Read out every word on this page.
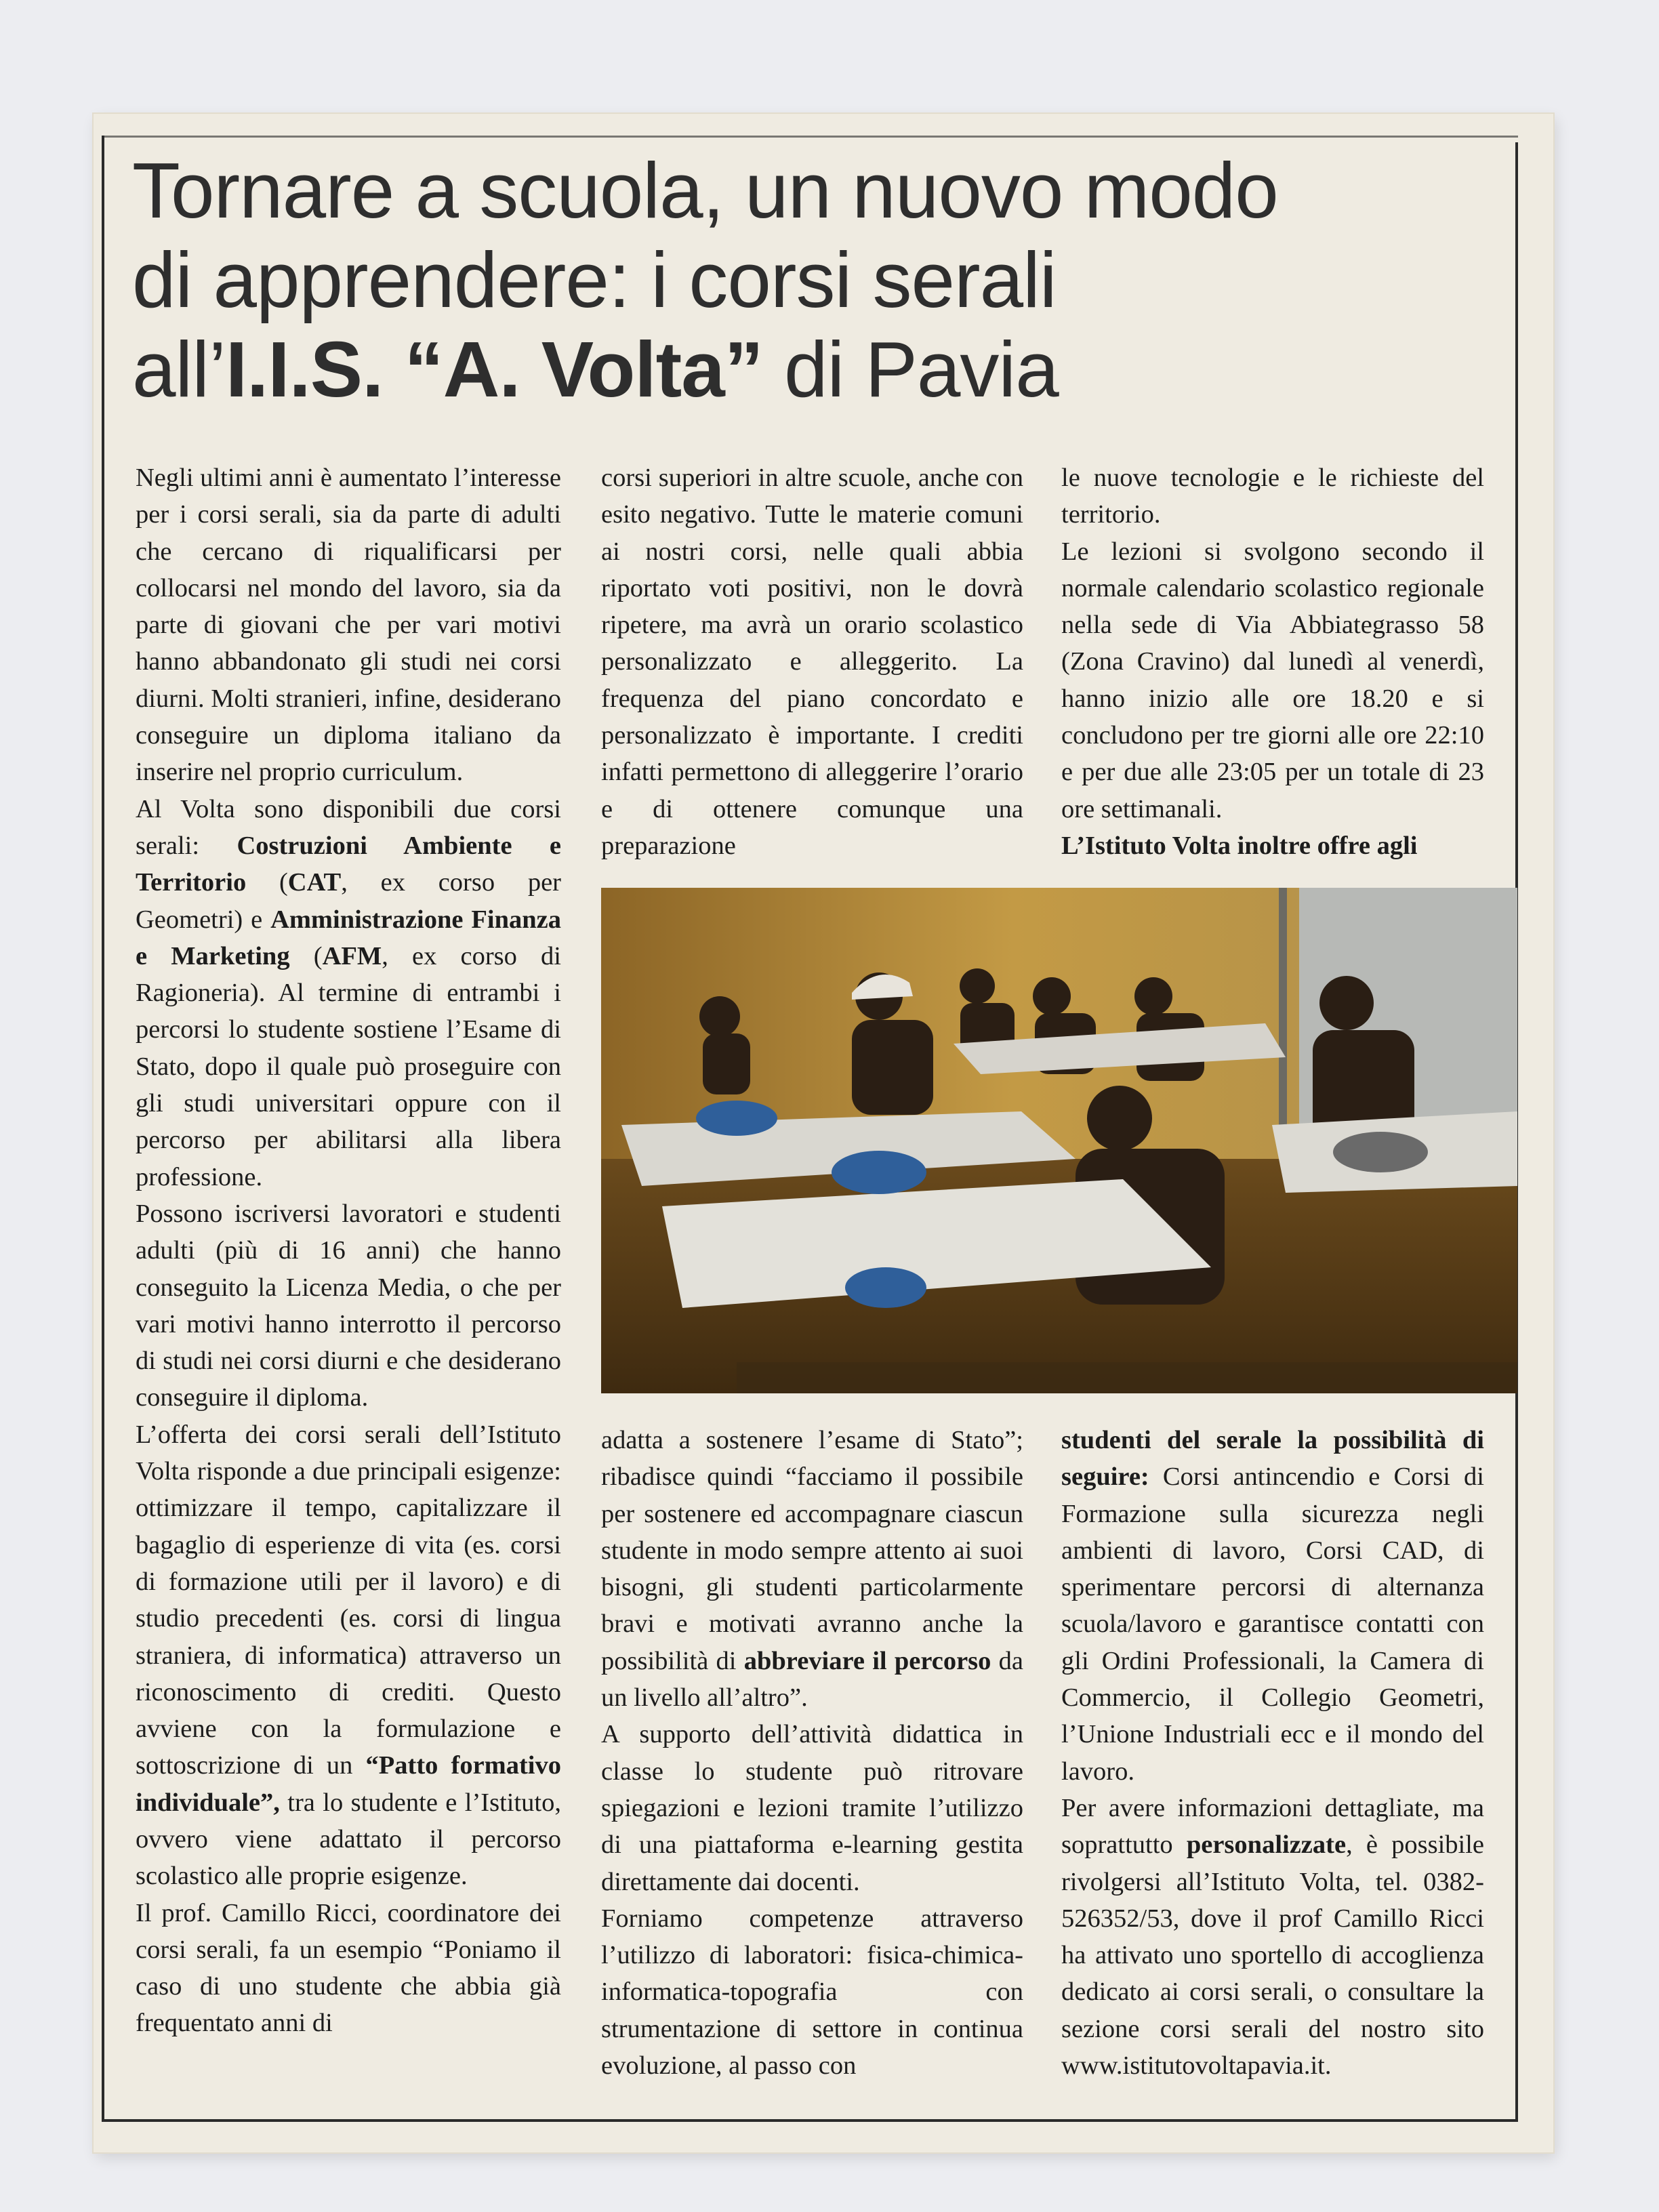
Tornare a scuola, un nuovo modo
di apprendere: i corsi serali
all’I.I.S. “A. Volta” di Pavia

Negli ultimi anni è aumentato l’interesse per i corsi serali, sia da parte di adulti che cercano di riqualificarsi per collocarsi nel mondo del lavoro, sia da parte di giovani che per vari motivi hanno abbandonato gli studi nei corsi diurni. Molti stranieri, infine, desiderano conseguire un diploma italiano da inserire nel proprio curriculum.

Al Volta sono disponibili due corsi serali: Costruzioni Ambiente e Territorio (CAT, ex corso per Geometri) e Amministrazione Finanza e Marketing (AFM, ex corso di Ragioneria). Al termine di entrambi i percorsi lo studente sostiene l’Esame di Stato, dopo il quale può proseguire con gli studi universitari oppure con il percorso per abilitarsi alla libera professione.

Possono iscriversi lavoratori e studenti adulti (più di 16 anni) che hanno conseguito la Licenza Media, o che per vari motivi hanno interrotto il percorso di studi nei corsi diurni e che desiderano conseguire il diploma.

L’offerta dei corsi serali dell’Istituto Volta risponde a due principali esigenze: ottimizzare il tempo, capitalizzare il bagaglio di esperienze di vita (es. corsi di formazione utili per il lavoro) e di studio precedenti (es. corsi di lingua straniera, di informatica) attraverso un riconoscimento di crediti. Questo avviene con la formulazione e sottoscrizione di un “Patto formativo individuale”, tra lo studente e l’Istituto, ovvero viene adattato il percorso scolastico alle proprie esigenze.

Il prof. Camillo Ricci, coordinatore dei corsi serali, fa un esempio “Poniamo il caso di uno studente che abbia già frequentato anni di

corsi superiori in altre scuole, anche con esito negativo. Tutte le materie comuni ai nostri corsi, nelle quali abbia riportato voti positivi, non le dovrà ripetere, ma avrà un orario scolastico personalizzato e alleggerito. La frequenza del piano concordato e personalizzato è importante. I crediti infatti permettono di alleggerire l’orario e di ottenere comunque una preparazione

adatta a sostenere l’esame di Stato”; ribadisce quindi “facciamo il possibile per sostenere ed accompagnare ciascun studente in modo sempre attento ai suoi bisogni, gli studenti particolarmente bravi e motivati avranno anche la possibilità di abbreviare il percorso da un livello all’altro”.

A supporto dell’attività didattica in classe lo studente può ritrovare spiegazioni e lezioni tramite l’utilizzo di una piattaforma e-learning gestita direttamente dai docenti.

Forniamo competenze attraverso l’utilizzo di laboratori: fisica-chimica-informatica-topografia con strumentazione di settore in continua evoluzione, al passo con

le nuove tecnologie e le richieste del territorio.

Le lezioni si svolgono secondo il normale calendario scolastico regionale nella sede di Via Abbiategrasso 58 (Zona Cravino) dal lunedì al venerdì, hanno inizio alle ore 18.20 e si concludono per tre giorni alle ore 22:10 e per due alle 23:05 per un totale di 23 ore settimanali.

L’Istituto Volta inoltre offre agli

studenti del serale la possibilità di seguire: Corsi antincendio e Corsi di Formazione sulla sicurezza negli ambienti di lavoro, Corsi CAD, di sperimentare percorsi di alternanza scuola/lavoro e garantisce contatti con gli Ordini Professionali, la Camera di Commercio, il Collegio Geometri, l’Unione Industriali ecc e il mondo del lavoro.

Per avere informazioni dettagliate, ma soprattutto personalizzate, è possibile rivolgersi all’Istituto Volta, tel. 0382-526352/53, dove il prof Camillo Ricci ha attivato uno sportello di accoglienza dedicato ai corsi serali, o consultare la sezione corsi serali del nostro sito www.istitutovoltapavia.it.
